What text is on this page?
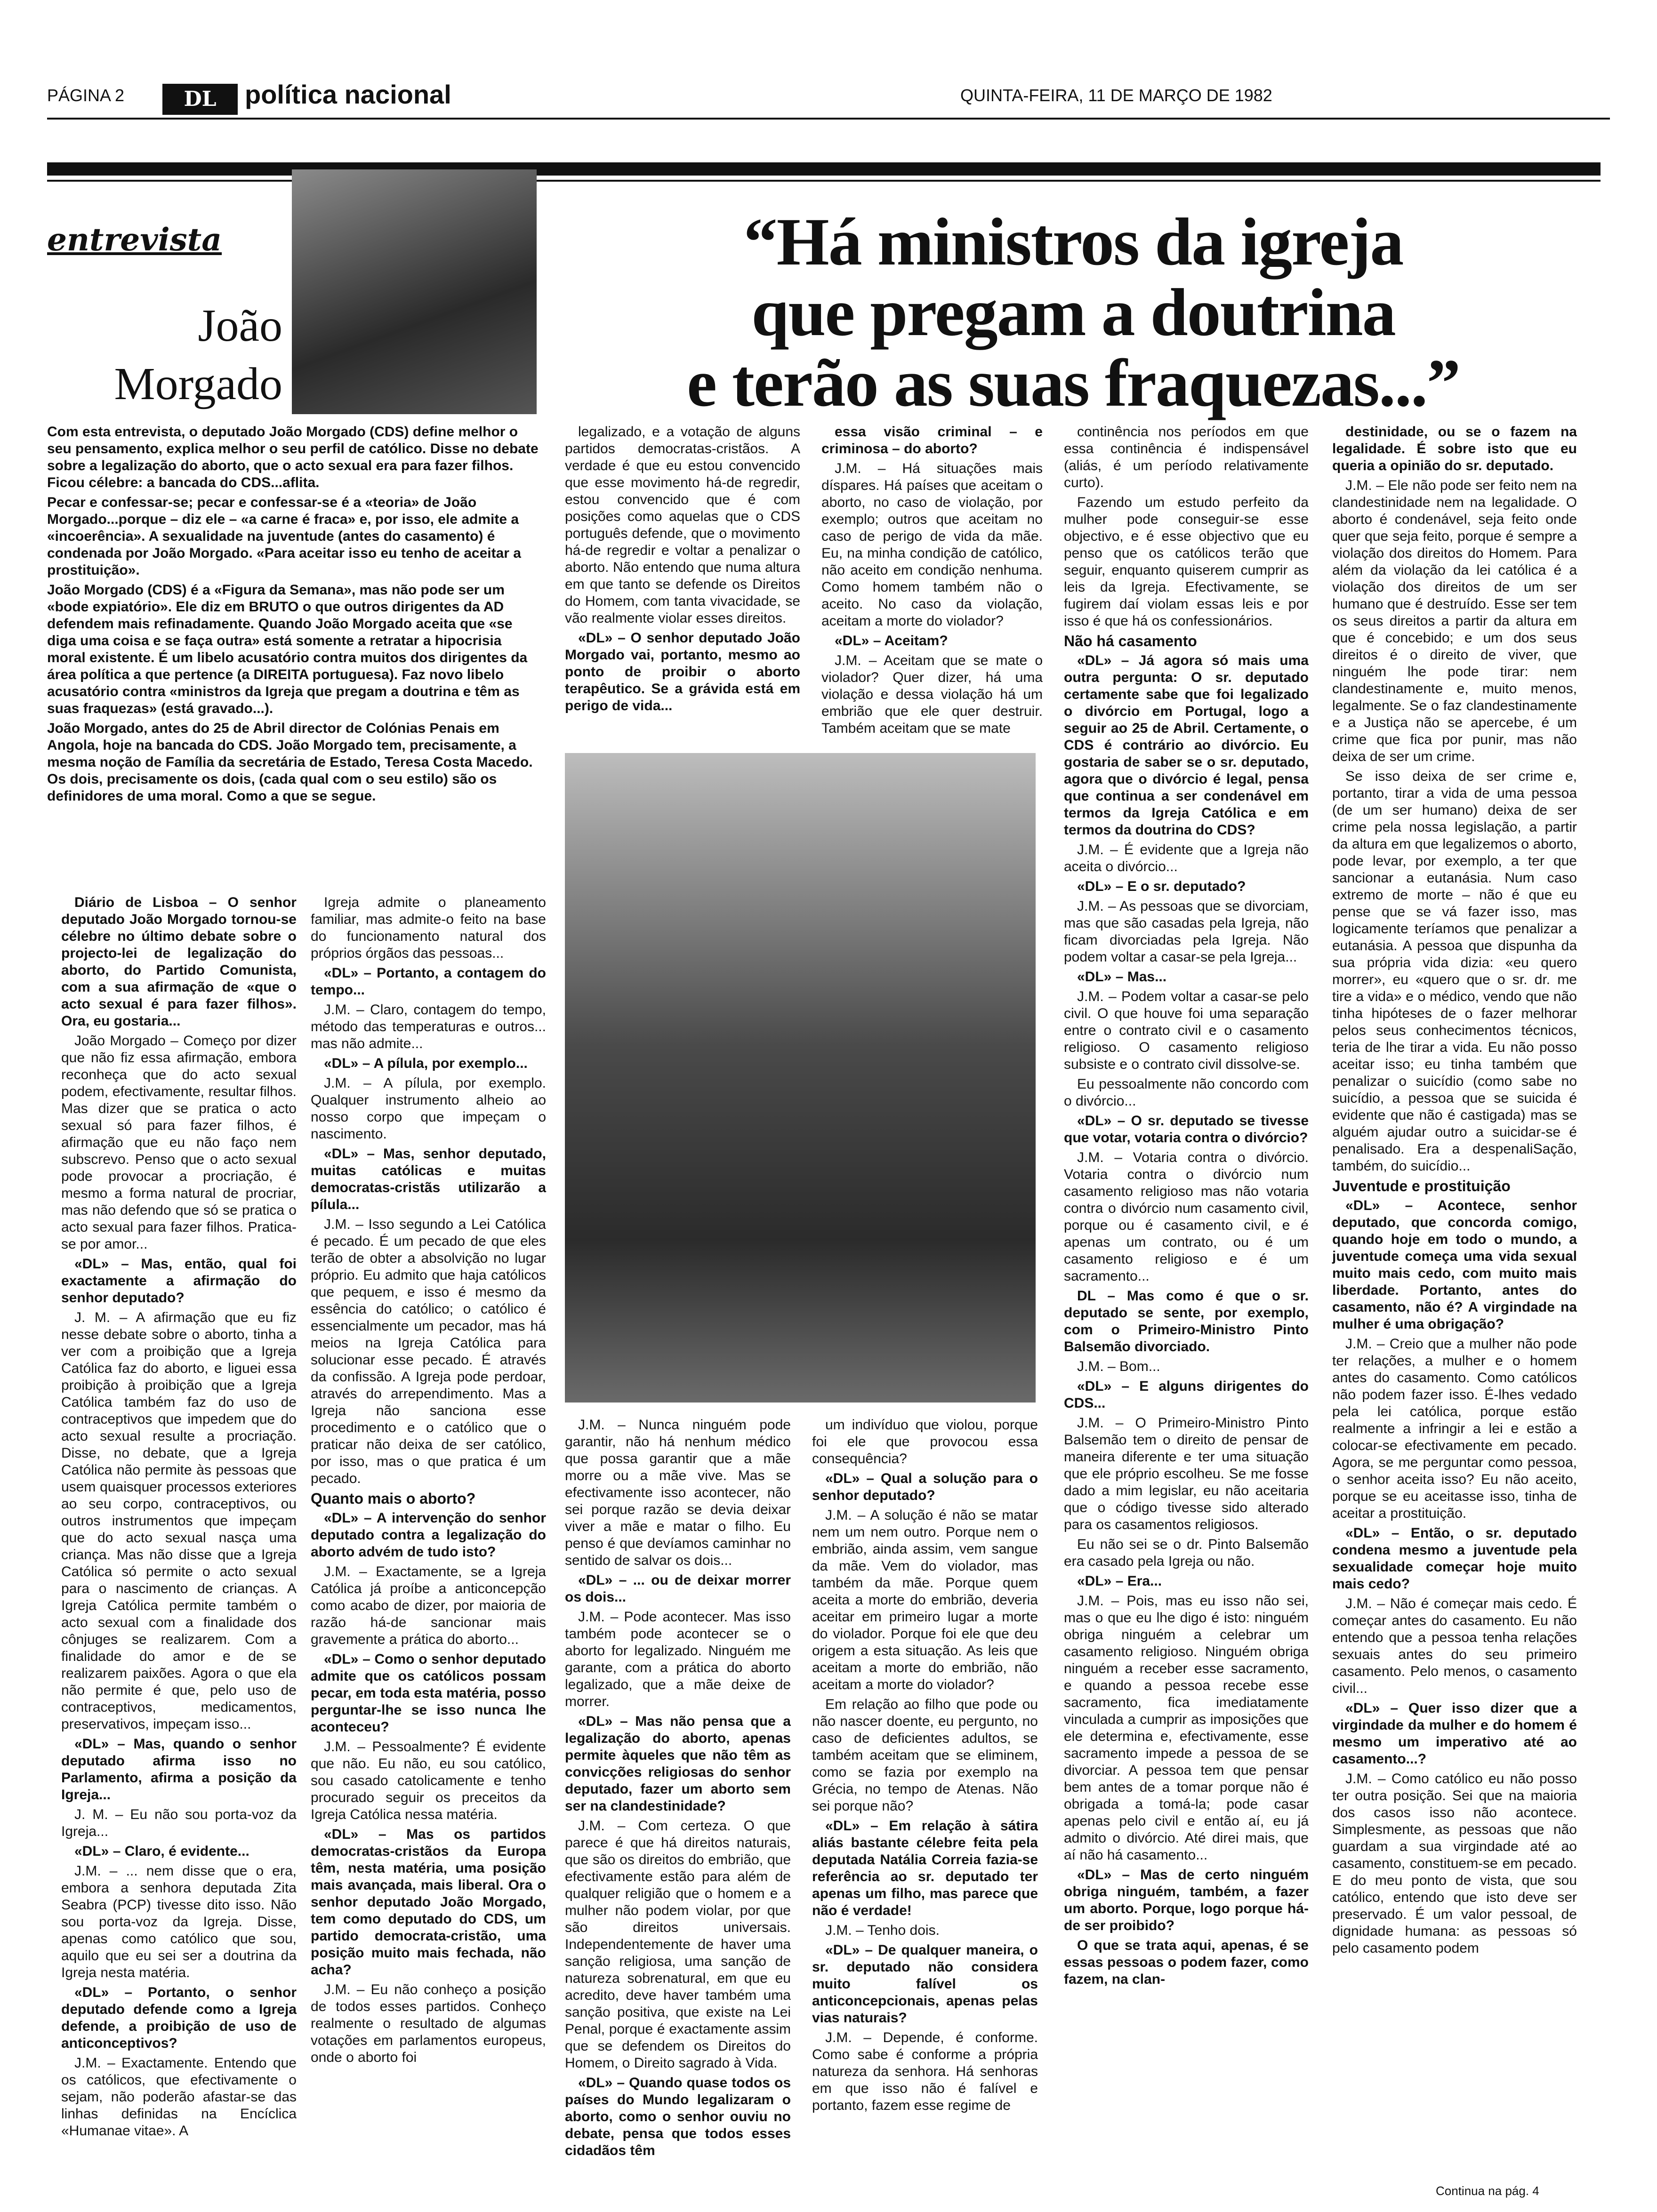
PÁGINA 2	DL	política nacional	QUINTA-FEIRA, 11 DE MARÇO DE 1982
entrevista
João
Morgado
“Há ministros da igreja
que pregam a doutrina
e terão as suas fraquezas...”

Com esta entrevista, o deputado João Morgado (CDS) define melhor o seu pensamento, explica melhor o seu perfil de católico. Disse no debate sobre a legalização do aborto, que o acto sexual era para fazer filhos. Ficou célebre: a bancada do CDS...aflita.

Pecar e confessar-se; pecar e confessar-se é a «teoria» de João Morgado...porque – diz ele – «a carne é fraca» e, por isso, ele admite a «incoerência». A sexualidade na juventude (antes do casamento) é condenada por João Morgado. «Para aceitar isso eu tenho de aceitar a prostituição».

João Morgado (CDS) é a «Figura da Semana», mas não pode ser um «bode expiatório». Ele diz em BRUTO o que outros dirigentes da AD defendem mais refinadamente. Quando João Morgado aceita que «se diga uma coisa e se faça outra» está somente a retratar a hipocrisia moral existente. É um libelo acusatório contra muitos dos dirigentes da área política a que pertence (a DIREITA portuguesa). Faz novo libelo acusatório contra «ministros da Igreja que pregam a doutrina e têm as suas fraquezas» (está gravado...).

João Morgado, antes do 25 de Abril director de Colónias Penais em Angola, hoje na bancada do CDS. João Morgado tem, precisamente, a mesma noção de Família da secretária de Estado, Teresa Costa Macedo. Os dois, precisamente os dois, (cada qual com o seu estilo) são os definidores de uma moral. Como a que se segue.

Diário de Lisboa – O senhor deputado João Morgado tornou-se célebre no último debate sobre o projecto-lei de legalização do aborto, do Partido Comunista, com a sua afirmação de «que o acto sexual é para fazer filhos». Ora, eu gostaria...

João Morgado – Começo por dizer que não fiz essa afirmação, embora reconheça que do acto sexual podem, efectivamente, resultar filhos. Mas dizer que se pratica o acto sexual só para fazer filhos, é afirmação que eu não faço nem subscrevo. Penso que o acto sexual pode provocar a procriação, é mesmo a forma natural de procriar, mas não defendo que só se pratica o acto sexual para fazer filhos. Pratica-se por amor...

«DL» – Mas, então, qual foi exactamente a afirmação do senhor deputado?

J. M. – A afirmação que eu fiz nesse debate sobre o aborto, tinha a ver com a proibição que a Igreja Católica faz do aborto, e liguei essa proibição à proibição que a Igreja Católica também faz do uso de contraceptivos que impedem que do acto sexual resulte a procriação. Disse, no debate, que a Igreja Católica não permite às pessoas que usem quaisquer processos exteriores ao seu corpo, contraceptivos, ou outros instrumentos que impeçam que do acto sexual nasça uma criança. Mas não disse que a Igreja Católica só permite o acto sexual para o nascimento de crianças. A Igreja Católica permite também o acto sexual com a finalidade dos cônjuges se realizarem. Com a finalidade do amor e de se realizarem paixões. Agora o que ela não permite é que, pelo uso de contraceptivos, medicamentos, preservativos, impeçam isso...

«DL» – Mas, quando o senhor deputado afirma isso no Parlamento, afirma a posição da Igreja...

J. M. – Eu não sou porta-voz da Igreja...

«DL» – Claro, é evidente...

J.M. – ... nem disse que o era, embora a senhora deputada Zita Seabra (PCP) tivesse dito isso. Não sou porta-voz da Igreja. Disse, apenas como católico que sou, aquilo que eu sei ser a doutrina da Igreja nesta matéria.

«DL» – Portanto, o senhor deputado defende como a Igreja defende, a proibição de uso de anticonceptivos?

J.M. – Exactamente. Entendo que os católicos, que efectivamente o sejam, não poderão afastar-se das linhas definidas na Encíclica «Humanae vitae». A

Igreja admite o planeamento familiar, mas admite-o feito na base do funcionamento natural dos próprios órgãos das pessoas...

«DL» – Portanto, a contagem do tempo...

J.M. – Claro, contagem do tempo, método das temperaturas e outros... mas não admite...

«DL» – A pílula, por exemplo...

J.M. – A pílula, por exemplo. Qualquer instrumento alheio ao nosso corpo que impeçam o nascimento.

«DL» – Mas, senhor deputado, muitas católicas e muitas democratas-cristãs utilizarão a pílula...

J.M. – Isso segundo a Lei Católica é pecado. É um pecado de que eles terão de obter a absolvição no lugar próprio. Eu admito que haja católicos que pequem, e isso é mesmo da essência do católico; o católico é essencialmente um pecador, mas há meios na Igreja Católica para solucionar esse pecado. É através da confissão. A Igreja pode perdoar, através do arrependimento. Mas a Igreja não sanciona esse procedimento e o católico que o praticar não deixa de ser católico, por isso, mas o que pratica é um pecado.

Quanto mais o aborto?

«DL» – A intervenção do senhor deputado contra a legalização do aborto advém de tudo isto?

J.M. – Exactamente, se a Igreja Católica já proíbe a anticoncepção como acabo de dizer, por maioria de razão há-de sancionar mais gravemente a prática do aborto...

«DL» – Como o senhor deputado admite que os católicos possam pecar, em toda esta matéria, posso perguntar-lhe se isso nunca lhe aconteceu?

J.M. – Pessoalmente? É evidente que não. Eu não, eu sou católico, sou casado catolicamente e tenho procurado seguir os preceitos da Igreja Católica nessa matéria.

«DL» – Mas os partidos democratas-cristãos da Europa têm, nesta matéria, uma posição mais avançada, mais liberal. Ora o senhor deputado João Morgado, tem como deputado do CDS, um partido democrata-cristão, uma posição muito mais fechada, não acha?

J.M. – Eu não conheço a posição de todos esses partidos. Conheço realmente o resultado de algumas votações em parlamentos europeus, onde o aborto foi

legalizado, e a votação de alguns partidos democratas-cristãos. A verdade é que eu estou convencido que esse movimento há-de regredir, estou convencido que é com posições como aquelas que o CDS português defende, que o movimento há-de regredir e voltar a penalizar o aborto. Não entendo que numa altura em que tanto se defende os Direitos do Homem, com tanta vivacidade, se vão realmente violar esses direitos.

«DL» – O senhor deputado João Morgado vai, portanto, mesmo ao ponto de proibir o aborto terapêutico. Se a grávida está em perigo de vida...

essa visão criminal – e criminosa – do aborto?

J.M. – Há situações mais díspares. Há países que aceitam o aborto, no caso de violação, por exemplo; outros que aceitam no caso de perigo de vida da mãe. Eu, na minha condição de católico, não aceito em condição nenhuma. Como homem também não o aceito. No caso da violação, aceitam a morte do violador?

«DL» – Aceitam?

J.M. – Aceitam que se mate o violador? Quer dizer, há uma violação e dessa violação há um embrião que ele quer destruir. Também aceitam que se mate

J.M. – Nunca ninguém pode garantir, não há nenhum médico que possa garantir que a mãe morre ou a mãe vive. Mas se efectivamente isso acontecer, não sei porque razão se devia deixar viver a mãe e matar o filho. Eu penso é que devíamos caminhar no sentido de salvar os dois...

«DL» – ... ou de deixar morrer os dois...

J.M. – Pode acontecer. Mas isso também pode acontecer se o aborto for legalizado. Ninguém me garante, com a prática do aborto legalizado, que a mãe deixe de morrer.

«DL» – Mas não pensa que a legalização do aborto, apenas permite àqueles que não têm as convicções religiosas do senhor deputado, fazer um aborto sem ser na clandestinidade?

J.M. – Com certeza. O que parece é que há direitos naturais, que são os direitos do embrião, que efectivamente estão para além de qualquer religião que o homem e a mulher não podem violar, por que são direitos universais. Independentemente de haver uma sanção religiosa, uma sanção de natureza sobrenatural, em que eu acredito, deve haver também uma sanção positiva, que existe na Lei Penal, porque é exactamente assim que se defendem os Direitos do Homem, o Direito sagrado à Vida.

«DL» – Quando quase todos os países do Mundo legalizaram o aborto, como o senhor ouviu no debate, pensa que todos esses cidadãos têm

um indivíduo que violou, porque foi ele que provocou essa consequência?

«DL» – Qual a solução para o senhor deputado?

J.M. – A solução é não se matar nem um nem outro. Porque nem o embrião, ainda assim, vem sangue da mãe. Vem do violador, mas também da mãe. Porque quem aceita a morte do embrião, deveria aceitar em primeiro lugar a morte do violador. Porque foi ele que deu origem a esta situação. As leis que aceitam a morte do embrião, não aceitam a morte do violador?

Em relação ao filho que pode ou não nascer doente, eu pergunto, no caso de deficientes adultos, se também aceitam que se eliminem, como se fazia por exemplo na Grécia, no tempo de Atenas. Não sei porque não?

«DL» – Em relação à sátira aliás bastante célebre feita pela deputada Natália Correia fazia-se referência ao sr. deputado ter apenas um filho, mas parece que não é verdade!

J.M. – Tenho dois.

«DL» – De qualquer maneira, o sr. deputado não considera muito falível os anticoncepcionais, apenas pelas vias naturais?

J.M. – Depende, é conforme. Como sabe é conforme a própria natureza da senhora. Há senhoras em que isso não é falível e portanto, fazem esse regime de

continência nos períodos em que essa continência é indispensável (aliás, é um período relativamente curto).

Fazendo um estudo perfeito da mulher pode conseguir-se esse objectivo, e é esse objectivo que eu penso que os católicos terão que seguir, enquanto quiserem cumprir as leis da Igreja. Efectivamente, se fugirem daí violam essas leis e por isso é que há os confessionários.

Não há casamento

«DL» – Já agora só mais uma outra pergunta: O sr. deputado certamente sabe que foi legalizado o divórcio em Portugal, logo a seguir ao 25 de Abril. Certamente, o CDS é contrário ao divórcio. Eu gostaria de saber se o sr. deputado, agora que o divórcio é legal, pensa que continua a ser condenável em termos da Igreja Católica e em termos da doutrina do CDS?

J.M. – É evidente que a Igreja não aceita o divórcio...

«DL» – E o sr. deputado?

J.M. – As pessoas que se divorciam, mas que são casadas pela Igreja, não ficam divorciadas pela Igreja. Não podem voltar a casar-se pela Igreja...

«DL» – Mas...

J.M. – Podem voltar a casar-se pelo civil. O que houve foi uma separação entre o contrato civil e o casamento religioso. O casamento religioso subsiste e o contrato civil dissolve-se.

Eu pessoalmente não concordo com o divórcio...

«DL» – O sr. deputado se tivesse que votar, votaria contra o divórcio?

J.M. – Votaria contra o divórcio. Votaria contra o divórcio num casamento religioso mas não votaria contra o divórcio num casamento civil, porque ou é casamento civil, e é apenas um contrato, ou é um casamento religioso e é um sacramento...

DL – Mas como é que o sr. deputado se sente, por exemplo, com o Primeiro-Ministro Pinto Balsemão divorciado.

J.M. – Bom...

«DL» – E alguns dirigentes do CDS...

J.M. – O Primeiro-Ministro Pinto Balsemão tem o direito de pensar de maneira diferente e ter uma situação que ele próprio escolheu. Se me fosse dado a mim legislar, eu não aceitaria que o código tivesse sido alterado para os casamentos religiosos.

Eu não sei se o dr. Pinto Balsemão era casado pela Igreja ou não.

«DL» – Era...

J.M. – Pois, mas eu isso não sei, mas o que eu lhe digo é isto: ninguém obriga ninguém a celebrar um casamento religioso. Ninguém obriga ninguém a receber esse sacramento, e quando a pessoa recebe esse sacramento, fica imediatamente vinculada a cumprir as imposições que ele determina e, efectivamente, esse sacramento impede a pessoa de se divorciar. A pessoa tem que pensar bem antes de a tomar porque não é obrigada a tomá-la; pode casar apenas pelo civil e então aí, eu já admito o divórcio. Até direi mais, que aí não há casamento...

«DL» – Mas de certo ninguém obriga ninguém, também, a fazer um aborto. Porque, logo porque há-de ser proibido?

O que se trata aqui, apenas, é se essas pessoas o podem fazer, como fazem, na clan-

destinidade, ou se o fazem na legalidade. É sobre isto que eu queria a opinião do sr. deputado.

J.M. – Ele não pode ser feito nem na clandestinidade nem na legalidade. O aborto é condenável, seja feito onde quer que seja feito, porque é sempre a violação dos direitos do Homem. Para além da violação da lei católica é a violação dos direitos de um ser humano que é destruído. Esse ser tem os seus direitos a partir da altura em que é concebido; e um dos seus direitos é o direito de viver, que ninguém lhe pode tirar: nem clandestinamente e, muito menos, legalmente. Se o faz clandestinamente e a Justiça não se apercebe, é um crime que fica por punir, mas não deixa de ser um crime.

Se isso deixa de ser crime e, portanto, tirar a vida de uma pessoa (de um ser humano) deixa de ser crime pela nossa legislação, a partir da altura em que legalizemos o aborto, pode levar, por exemplo, a ter que sancionar a eutanásia. Num caso extremo de morte – não é que eu pense que se vá fazer isso, mas logicamente teríamos que penalizar a eutanásia. A pessoa que dispunha da sua própria vida dizia: «eu quero morrer», eu «quero que o sr. dr. me tire a vida» e o médico, vendo que não tinha hipóteses de o fazer melhorar pelos seus conhecimentos técnicos, teria de lhe tirar a vida. Eu não posso aceitar isso; eu tinha também que penalizar o suicídio (como sabe no suicídio, a pessoa que se suicida é evidente que não é castigada) mas se alguém ajudar outro a suicidar-se é penalisado. Era a despenaliSação, também, do suicídio...

Juventude e prostituição

«DL» – Acontece, senhor deputado, que concorda comigo, quando hoje em todo o mundo, a juventude começa uma vida sexual muito mais cedo, com muito mais liberdade. Portanto, antes do casamento, não é? A virgindade na mulher é uma obrigação?

J.M. – Creio que a mulher não pode ter relações, a mulher e o homem antes do casamento. Como católicos não podem fazer isso. É-lhes vedado pela lei católica, porque estão realmente a infringir a lei e estão a colocar-se efectivamente em pecado. Agora, se me perguntar como pessoa, o senhor aceita isso? Eu não aceito, porque se eu aceitasse isso, tinha de aceitar a prostituição.

«DL» – Então, o sr. deputado condena mesmo a juventude pela sexualidade começar hoje muito mais cedo?

J.M. – Não é começar mais cedo. É começar antes do casamento. Eu não entendo que a pessoa tenha relações sexuais antes do seu primeiro casamento. Pelo menos, o casamento civil...

«DL» – Quer isso dizer que a virgindade da mulher e do homem é mesmo um imperativo até ao casamento...?

J.M. – Como católico eu não posso ter outra posição. Sei que na maioria dos casos isso não acontece. Simplesmente, as pessoas que não guardam a sua virgindade até ao casamento, constituem-se em pecado. E do meu ponto de vista, que sou católico, entendo que isto deve ser preservado. É um valor pessoal, de dignidade humana: as pessoas só pelo casamento podem

Continua na pág. 4
